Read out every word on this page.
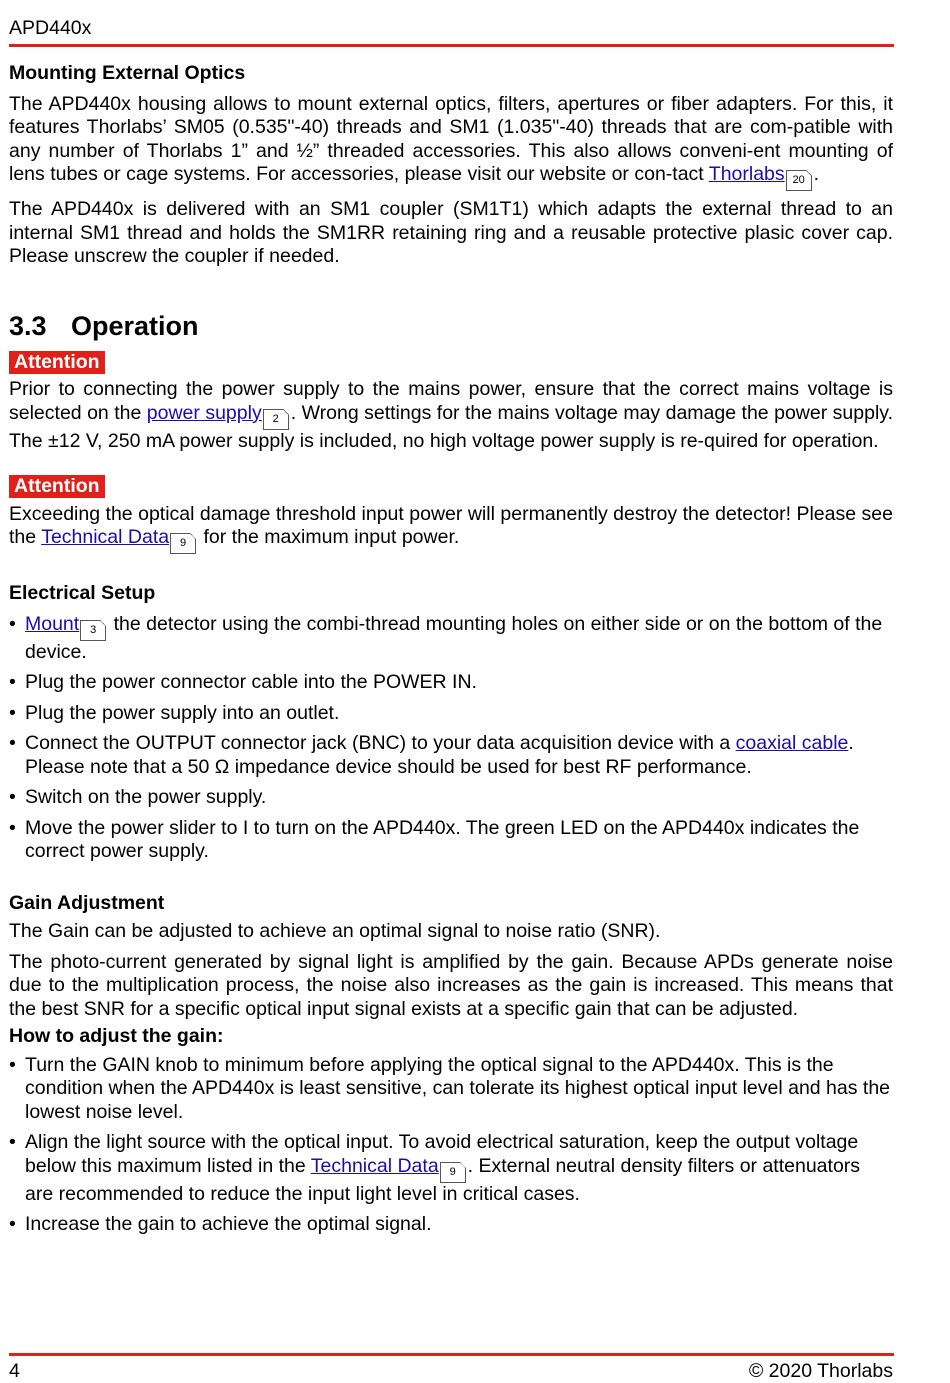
APD440x
Mounting External Optics

The APD440x housing allows to mount external optics, filters, apertures or fiber adapters. For this, it features Thorlabs’ SM05 (0.535"-40) threads and SM1 (1.035"-40) threads that are com-patible with any number of Thorlabs 1” and ½” threaded accessories. This also allows conveni-ent mounting of lens tubes or cage systems. For accessories, please visit our website or con-tact Thorlabs 20 .

The APD440x is delivered with an SM1 coupler (SM1T1) which adapts the external thread to an internal SM1 thread and holds the SM1RR retaining ring and a reusable protective plasic cover cap. Please unscrew the coupler if needed.

3.3 Operation
Attention

Prior to connecting the power supply to the mains power, ensure that the correct mains voltage is selected on the power supply 2 . Wrong settings for the mains voltage may damage the power supply. The ±12 V, 250 mA power supply is included, no high voltage power supply is re-quired for operation.

Attention

Exceeding the optical damage threshold input power will permanently destroy the detector! Please see the Technical Data 9 for the maximum input power.

Electrical Setup
• Mount 3 the detector using the combi-thread mounting holes on either side or on the bottom of the device.
• Plug the power connector cable into the POWER IN.
• Plug the power supply into an outlet.
• Connect the OUTPUT connector jack (BNC) to your data acquisition device with a coaxial cable. Please note that a 50 Ω impedance device should be used for best RF performance.
• Switch on the power supply.
• Move the power slider to I to turn on the APD440x. The green LED on the APD440x indicates the correct power supply.
Gain Adjustment

The Gain can be adjusted to achieve an optimal signal to noise ratio (SNR).

The photo-current generated by signal light is amplified by the gain. Because APDs generate noise due to the multiplication process, the noise also increases as the gain is increased. This means that the best SNR for a specific optical input signal exists at a specific gain that can be adjusted.

How to adjust the gain:
• Turn the GAIN knob to minimum before applying the optical signal to the APD440x. This is the condition when the APD440x is least sensitive, can tolerate its highest optical input level and has the lowest noise level.
• Align the light source with the optical input. To avoid electrical saturation, keep the output voltage below this maximum listed in the Technical Data 9 . External neutral density filters or attenuators are recommended to reduce the input light level in critical cases.
• Increase the gain to achieve the optimal signal.
4	© 2020 Thorlabs
